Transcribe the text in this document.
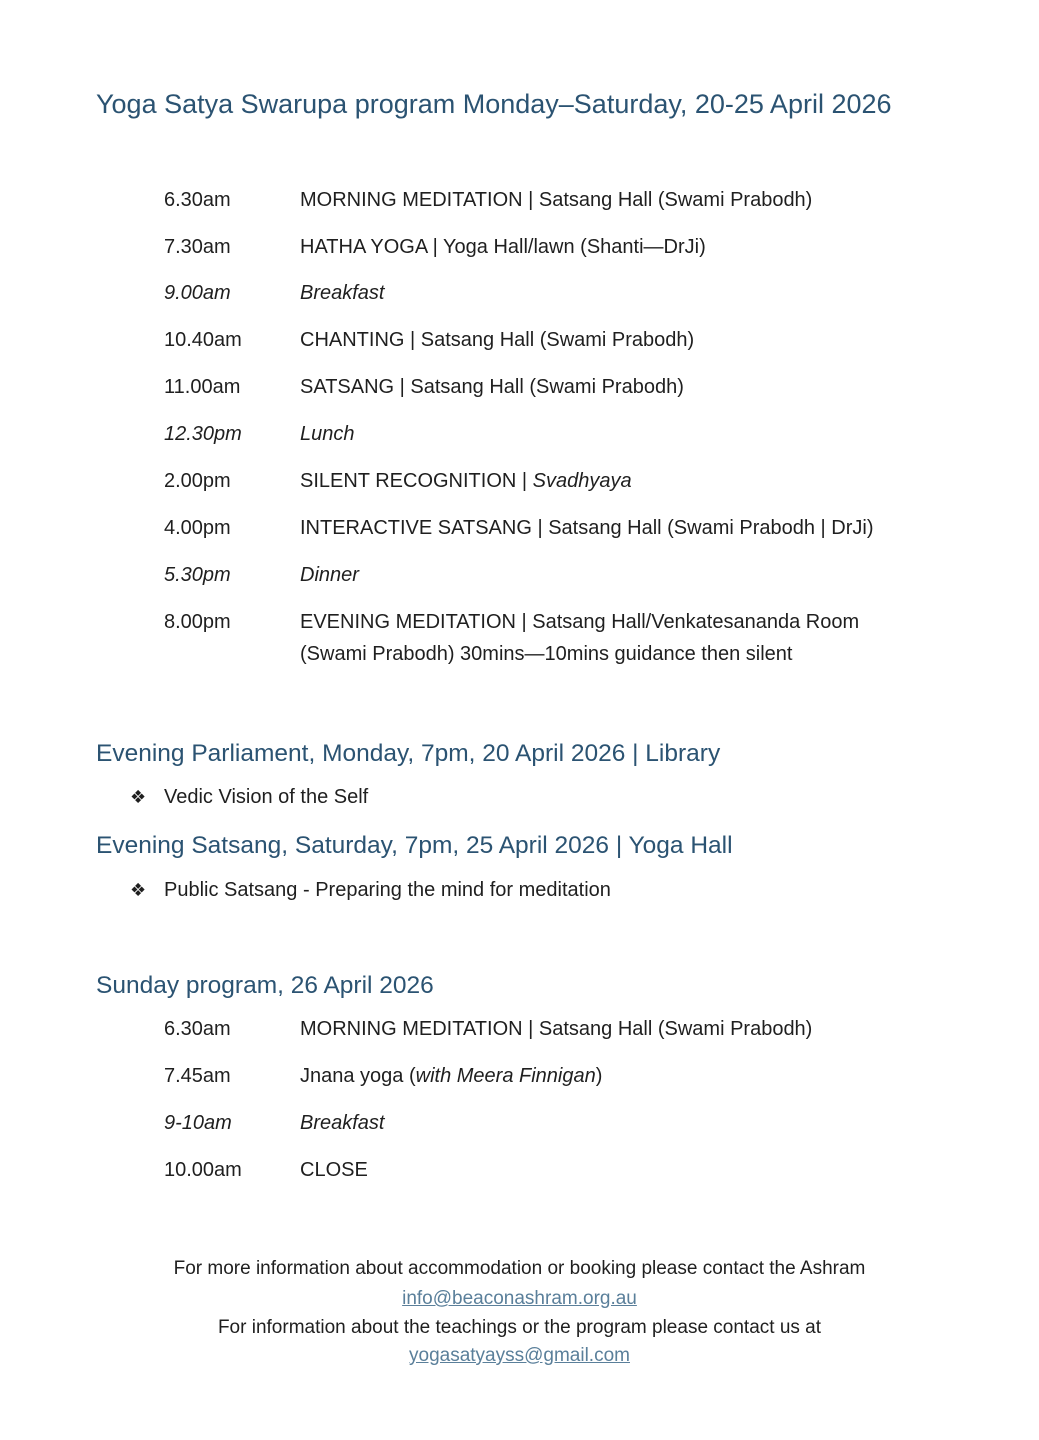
Yoga Satya Swarupa program Monday–Saturday, 20-25 April 2026
6.30am	MORNING MEDITATION | Satsang Hall (Swami Prabodh)
7.30am	HATHA YOGA | Yoga Hall/lawn (Shanti—DrJi)
9.00am	Breakfast
10.40am	CHANTING | Satsang Hall (Swami Prabodh)
11.00am	SATSANG | Satsang Hall (Swami Prabodh)
12.30pm	Lunch
2.00pm	SILENT RECOGNITION | Svadhyaya
4.00pm	INTERACTIVE SATSANG | Satsang Hall (Swami Prabodh | DrJi)
5.30pm	Dinner
8.00pm	EVENING MEDITATION | Satsang Hall/Venkatesananda Room
(Swami Prabodh) 30mins—10mins guidance then silent
Evening Parliament, Monday, 7pm, 20 April 2026 | Library
❖ Vedic Vision of the Self
Evening Satsang, Saturday, 7pm, 25 April 2026 | Yoga Hall
❖ Public Satsang - Preparing the mind for meditation
Sunday program, 26 April 2026
6.30am	MORNING MEDITATION | Satsang Hall (Swami Prabodh)
7.45am	Jnana yoga (with Meera Finnigan)
9-10am	Breakfast
10.00am	CLOSE
For more information about accommodation or booking please contact the Ashram
info@beaconashram.org.au
For information about the teachings or the program please contact us at
yogasatyayss@gmail.com
